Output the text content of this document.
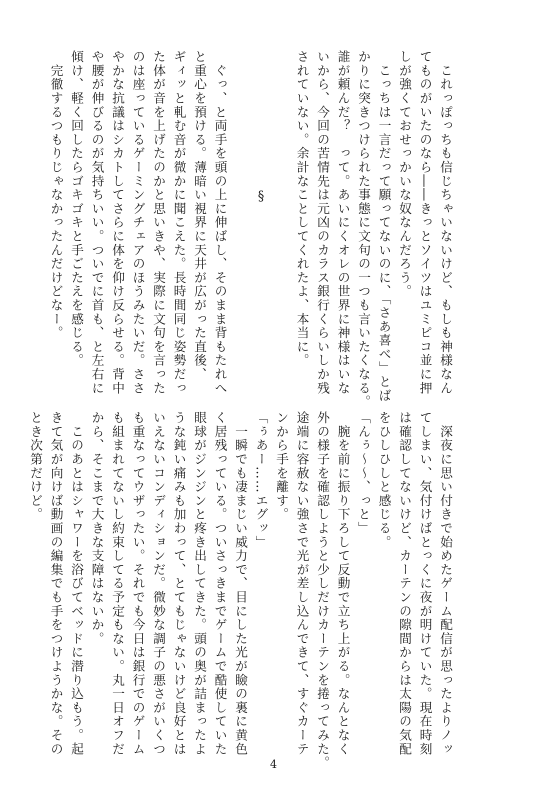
　これっぽっちも信じちゃいないけど、もしも神様なん
てものがいたのなら――きっとソイツはユミピコ並に押
しが強くておせっかいな奴なんだろう。
　こっちは一言だって願ってないのに、「さあ喜べ」とば
かりに突きつけられた事態に文句の一つも言いたくなる。
誰が頼んだ？　って。あいにくオレの世界に神様はいな
いから、今回の苦情先は元凶のカラス銀行くらいしか残
されていない。余計なことしてくれたよ、本当に。

　　　　　　　　　　§

　ぐっ、と両手を頭の上に伸ばし、そのまま背もたれへ
と重心を預ける。薄暗い視界に天井が広がった直後、
ギィッと軋む音が微かに聞こえた。長時間同じ姿勢だっ
た体が音を上げたのかと思いきや、実際に文句を言った
のは座っているゲーミングチェアのほうみたいだ。ささ
やかな抗議はシカトしてさらに体を仰け反らせる。背中
や腰が伸びるのが気持ちいい。ついでに首も、と左右に
傾け、軽く回したらゴキゴキと手ごたえを感じる。
　完徹するつもりじゃなかったんだけどなー。
　深夜に思い付きで始めたゲーム配信が思ったよりノッ
てしまい、気付けばとっくに夜が明けていた。現在時刻
は確認してないけど、カーテンの隙間からは太陽の気配
をひしひしと感じる。
「んぅ～～、っと」
　腕を前に振り下ろして反動で立ち上がる。なんとなく
外の様子を確認しようと少しだけカーテンを捲ってみた。
途端に容赦ない強さで光が差し込んできて、すぐカーテ
ンから手を離す。
「ぅあー……エグッ」
　一瞬でも凄まじい威力で、目にした光が瞼の裏に黄色
く居残っている。ついさっきまでゲームで酷使していた
眼球がジンジンと疼き出してきた。頭の奥が詰まったよ
うな鈍い痛みも加わって、とてもじゃないけど良好とは
いえないコンディションだ。微妙な調子の悪さがいくつ
も重なってウザったい。それでも今日は銀行でのゲーム
も組まれてないし約束してる予定もない。丸一日オフだ
から、そこまで大きな支障はないか。
　このあとはシャワーを浴びてベッドに潜り込もう。起
きて気が向けば動画の編集でも手をつけようかな。その
とき次第だけど。
4
